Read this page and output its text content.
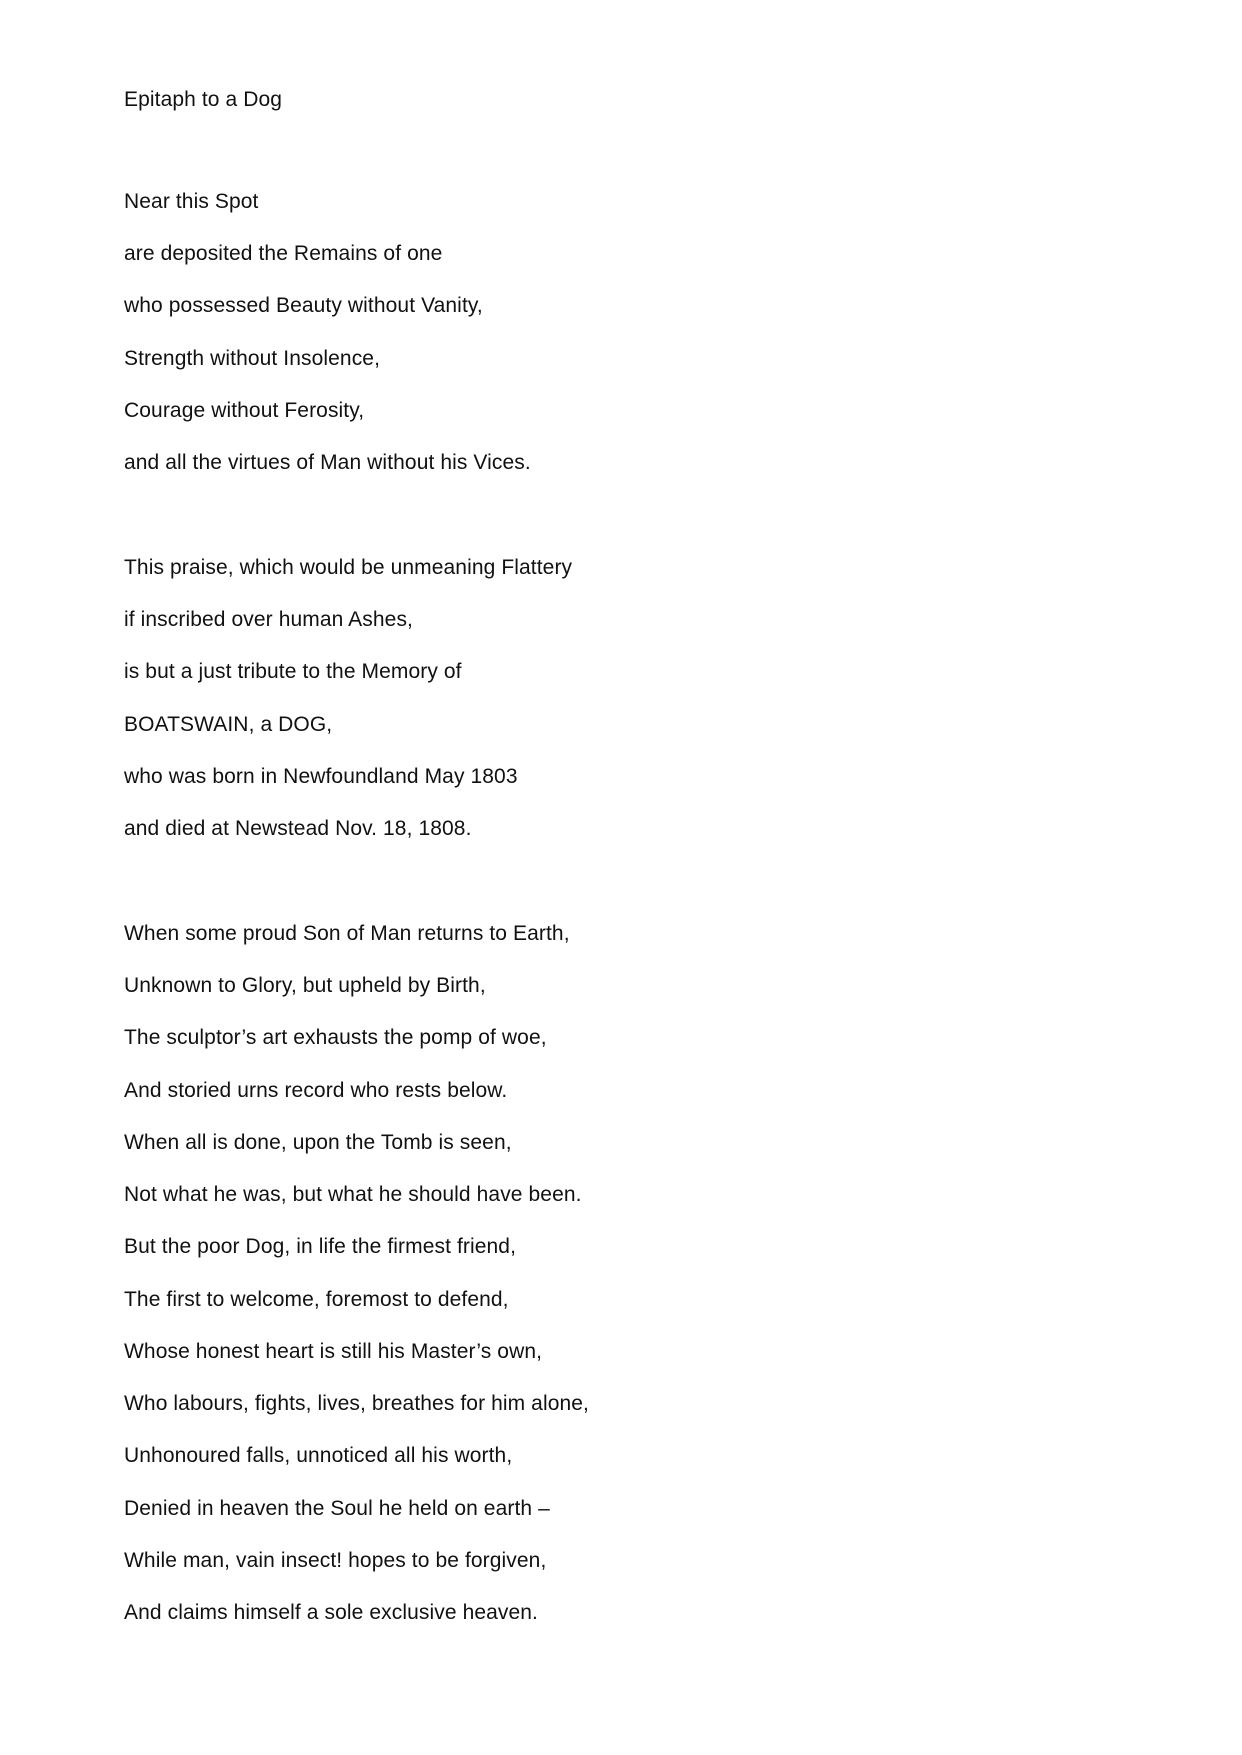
Epitaph to a Dog
Near this Spot
are deposited the Remains of one
who possessed Beauty without Vanity,
Strength without Insolence,
Courage without Ferosity,
and all the virtues of Man without his Vices.
This praise, which would be unmeaning Flattery
if inscribed over human Ashes,
is but a just tribute to the Memory of
BOATSWAIN, a DOG,
who was born in Newfoundland May 1803
and died at Newstead Nov. 18, 1808.
When some proud Son of Man returns to Earth,
Unknown to Glory, but upheld by Birth,
The sculptor’s art exhausts the pomp of woe,
And storied urns record who rests below.
When all is done, upon the Tomb is seen,
Not what he was, but what he should have been.
But the poor Dog, in life the firmest friend,
The first to welcome, foremost to defend,
Whose honest heart is still his Master’s own,
Who labours, fights, lives, breathes for him alone,
Unhonoured falls, unnoticed all his worth,
Denied in heaven the Soul he held on earth –
While man, vain insect! hopes to be forgiven,
And claims himself a sole exclusive heaven.
